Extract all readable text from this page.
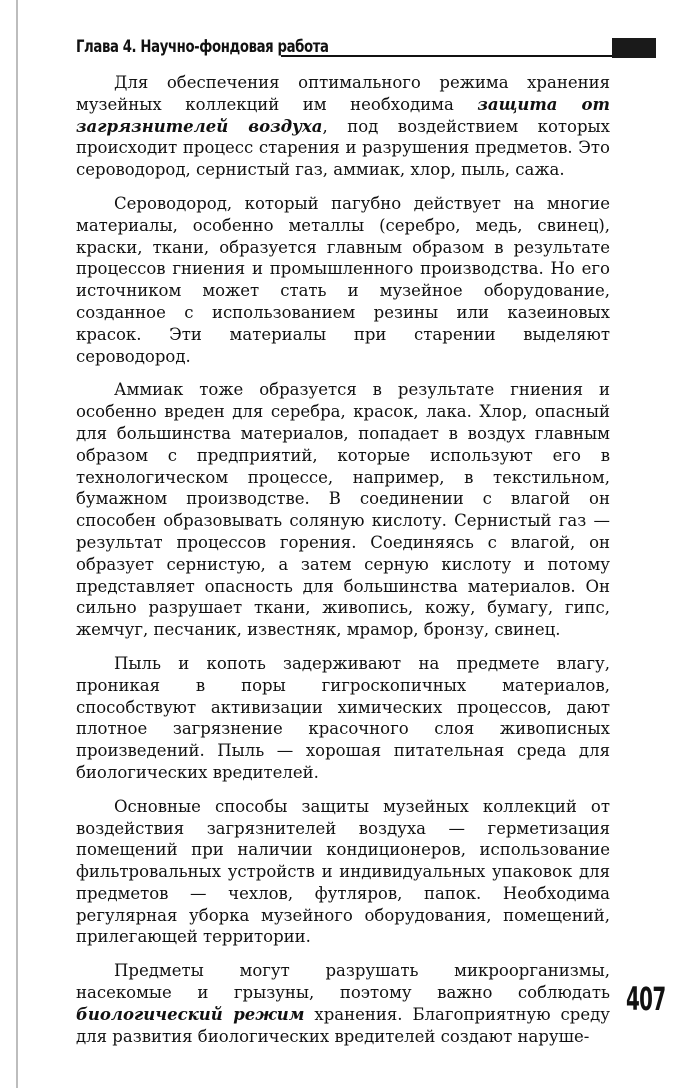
Глава 4. Научно-фондовая работа

Для обеспечения оптимального режима хранения музейных коллекций им необходима защита от загрязнителей воздуха, под воздействием которых происходит процесс старения и разрушения предметов. Это сероводород, сернистый газ, аммиак, хлор, пыль, сажа.

Сероводород, который пагубно действует на многие материалы, особенно металлы (серебро, медь, свинец), краски, ткани, образуется главным образом в результате процессов гниения и промышленного производства. Но его источником может стать и музейное оборудование, созданное с использованием резины или казеиновых красок. Эти материалы при старении выделяют сероводород.

Аммиак тоже образуется в результате гниения и особенно вреден для серебра, красок, лака. Хлор, опасный для большинства материалов, попадает в воздух главным образом с предприятий, которые используют его в технологическом процессе, например, в текстильном, бумажном производстве. В соединении с влагой он способен образовывать соляную кислоту. Сернистый газ — результат процессов горения. Соединяясь с влагой, он образует сернистую, а затем серную кислоту и потому представляет опасность для большинства материалов. Он сильно разрушает ткани, живопись, кожу, бумагу, гипс, жемчуг, песчаник, известняк, мрамор, бронзу, свинец.

Пыль и копоть задерживают на предмете влагу, проникая в поры гигроскопичных материалов, способствуют активизации химических процессов, дают плотное загрязнение красочного слоя живописных произведений. Пыль — хорошая питательная среда для биологических вредителей.

Основные способы защиты музейных коллекций от воздействия загрязнителей воздуха — герметизация помещений при наличии кондиционеров, использование фильтровальных устройств и индивидуальных упаковок для предметов — чехлов, футляров, папок. Необходима регулярная уборка музейного оборудования, помещений, прилегающей территории.

Предметы могут разрушать микроорганизмы, насекомые и грызуны, поэтому важно соблюдать биологический режим хранения. Благоприятную среду для развития биологических вредителей создают наруше-

407
